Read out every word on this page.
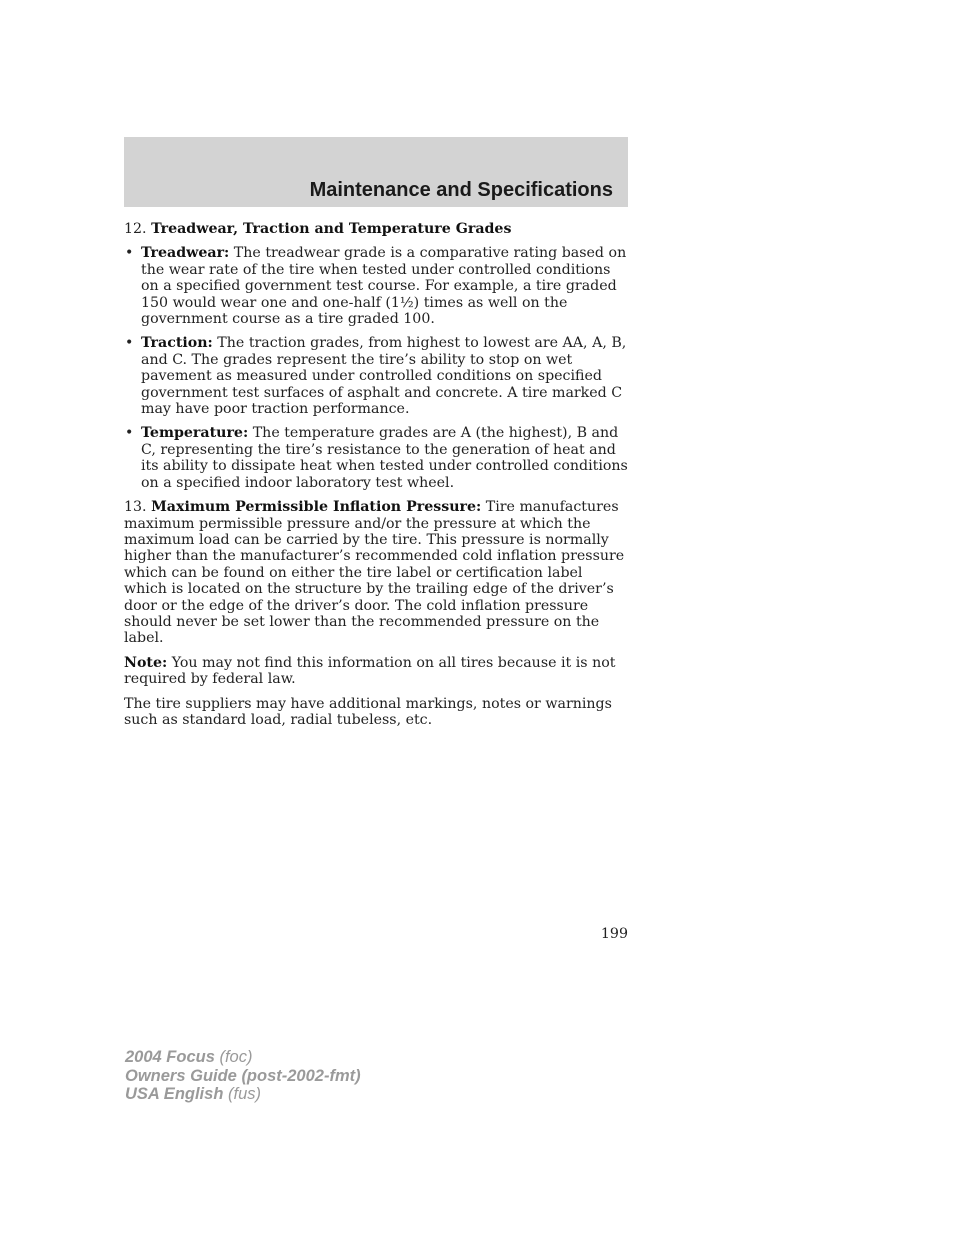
Maintenance and Specifications

12. Treadwear, Traction and Temperature Grades

• Treadwear: The treadwear grade is a comparative rating based on the wear rate of the tire when tested under controlled conditions on a specified government test course. For example, a tire graded 150 would wear one and one-half (1½) times as well on the government course as a tire graded 100.
• Traction: The traction grades, from highest to lowest are AA, A, B, and C. The grades represent the tire’s ability to stop on wet pavement as measured under controlled conditions on specified government test surfaces of asphalt and concrete. A tire marked C may have poor traction performance.
• Temperature: The temperature grades are A (the highest), B and C, representing the tire’s resistance to the generation of heat and its ability to dissipate heat when tested under controlled conditions on a specified indoor laboratory test wheel.

13. Maximum Permissible Inflation Pressure: Tire manufactures maximum permissible pressure and/or the pressure at which the maximum load can be carried by the tire. This pressure is normally higher than the manufacturer’s recommended cold inflation pressure which can be found on either the tire label or certification label which is located on the structure by the trailing edge of the driver’s door or the edge of the driver’s door. The cold inflation pressure should never be set lower than the recommended pressure on the label.

Note: You may not find this information on all tires because it is not required by federal law.

The tire suppliers may have additional markings, notes or warnings such as standard load, radial tubeless, etc.

199
2004 Focus (foc)
Owners Guide (post-2002-fmt)
USA English (fus)
